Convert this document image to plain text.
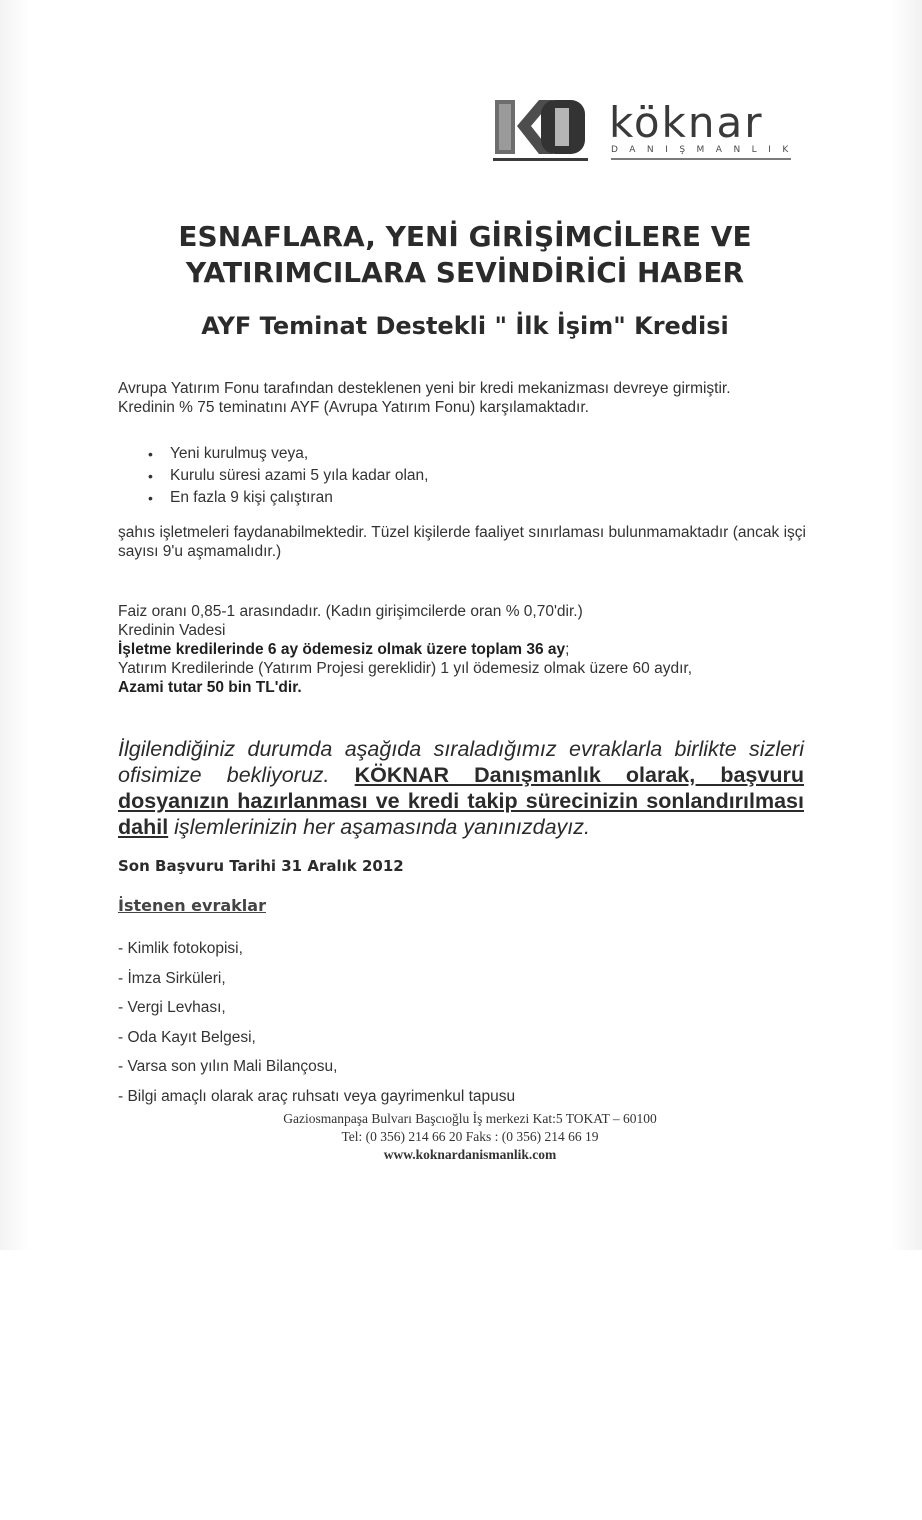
köknar
DANIŞMANLIK
ESNAFLARA, YENİ GİRİŞİMCİLERE VE
YATIRIMCILARA SEVİNDİRİCİ HABER
AYF Teminat Destekli " İlk İşim" Kredisi

Avrupa Yatırım Fonu tarafından desteklenen yeni bir kredi mekanizması devreye girmiştir.
Kredinin % 75 teminatını AYF (Avrupa Yatırım Fonu) karşılamaktadır.

• Yeni kurulmuş veya,
• Kurulu süresi azami 5 yıla kadar olan,
• En fazla 9 kişi çalıştıran

şahıs işletmeleri faydanabilmektedir. Tüzel kişilerde faaliyet sınırlaması bulunmamaktadır (ancak işçi sayısı 9'u aşmamalıdır.)

Faiz oranı 0,85-1 arasındadır. (Kadın girişimcilerde oran % 0,70'dir.)
Kredinin Vadesi
İşletme kredilerinde 6 ay ödemesiz olmak üzere toplam 36 ay;
Yatırım Kredilerinde (Yatırım Projesi gereklidir) 1 yıl ödemesiz olmak üzere 60 aydır,
Azami tutar 50 bin TL'dir.

İlgilendiğiniz durumda aşağıda sıraladığımız evraklarla birlikte sizleri ofisimize bekliyoruz. KÖKNAR Danışmanlık olarak, başvuru dosyanızın hazırlanması ve kredi takip sürecinizin sonlandırılması dahil işlemlerinizin her aşamasında yanınızdayız.

Son Başvuru Tarihi 31 Aralık 2012

İstenen evraklar

- Kimlik fotokopisi,
- İmza Sirküleri,
- Vergi Levhası,
- Oda Kayıt Belgesi,
- Varsa son yılın Mali Bilançosu,
- Bilgi amaçlı olarak araç ruhsatı veya gayrimenkul tapusu
Gaziosmanpaşa Bulvarı Başcıoğlu İş merkezi Kat:5 TOKAT – 60100
Tel: (0 356) 214 66 20 Faks : (0 356) 214 66 19
www.koknardanismanlik.com
